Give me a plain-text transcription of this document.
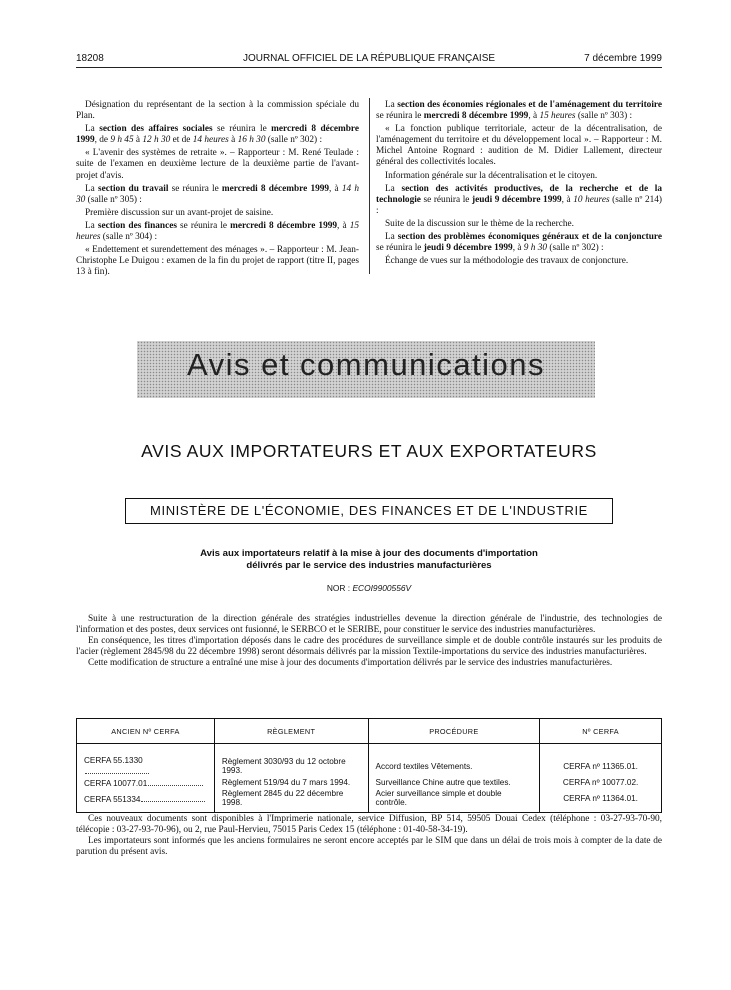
18208	JOURNAL OFFICIEL DE LA RÉPUBLIQUE FRANÇAISE	7 décembre 1999

Désignation du représentant de la section à la commission spéciale du Plan.

La section des affaires sociales se réunira le mercredi 8 décembre 1999, de 9 h 45 à 12 h 30 et de 14 heures à 16 h 30 (salle nº 302) :

« L'avenir des systèmes de retraite ». – Rapporteur : M. René Teulade : suite de l'examen en deuxième lecture de la deuxième partie de l'avant-projet d'avis.

La section du travail se réunira le mercredi 8 décembre 1999, à 14 h 30 (salle nº 305) :

Première discussion sur un avant-projet de saisine.

La section des finances se réunira le mercredi 8 décembre 1999, à 15 heures (salle nº 304) :

« Endettement et surendettement des ménages ». – Rapporteur : M. Jean-Christophe Le Duigou : examen de la fin du projet de rapport (titre II, pages 13 à fin).

La section des économies régionales et de l'aménagement du territoire se réunira le mercredi 8 décembre 1999, à 15 heures (salle nº 303) :

« La fonction publique territoriale, acteur de la décentralisation, de l'aménagement du territoire et du développement local ». – Rapporteur : M. Michel Antoine Rognard : audition de M. Didier Lallement, directeur général des collectivités locales.

Information générale sur la décentralisation et le citoyen.

La section des activités productives, de la recherche et de la technologie se réunira le jeudi 9 décembre 1999, à 10 heures (salle nº 214) :

Suite de la discussion sur le thème de la recherche.

La section des problèmes économiques généraux et de la conjoncture se réunira le jeudi 9 décembre 1999, à 9 h 30 (salle nº 302) :

Échange de vues sur la méthodologie des travaux de conjoncture.

Avis et communications
AVIS AUX IMPORTATEURS ET AUX EXPORTATEURS
MINISTÈRE DE L'ÉCONOMIE, DES FINANCES ET DE L'INDUSTRIE
Avis aux importateurs relatif à la mise à jour des documents d'importation
délivrés par le service des industries manufacturières
NOR : ECOI9900556V

Suite à une restructuration de la direction générale des stratégies industrielles devenue la direction générale de l'industrie, des technologies de l'information et des postes, deux services ont fusionné, le SERBCO et le SERIBE, pour constituer le service des industries manufacturières.

En conséquence, les titres d'importation déposés dans le cadre des procédures de surveillance simple et de double contrôle instaurés sur les produits de l'acier (règlement 2845/98 du 22 décembre 1998) seront désormais délivrés par la mission Textile-importations du service des industries manufacturières.

Cette modification de structure a entraîné une mise à jour des documents d'importation délivrés par le service des industries manufacturières.

ANCIEN Nº CERFA	RÈGLEMENT	PROCÉDURE	Nº CERFA

CERFA 55.1330	Règlement 3030/93 du 12 octobre 1993.	Accord textiles Vêtements.	CERFA nº 11365.01.
CERFA 10077.01	Règlement 519/94 du 7 mars 1994.	Surveillance Chine autre que textiles.	CERFA nº 10077.02.
CERFA 551334	Règlement 2845 du 22 décembre 1998.	Acier surveillance simple et double contrôle.	CERFA nº 11364.01.

Ces nouveaux documents sont disponibles à l'Imprimerie nationale, service Diffusion, BP 514, 59505 Douai Cedex (téléphone : 03-27-93-70-90, télécopie : 03-27-93-70-96), ou 2, rue Paul-Hervieu, 75015 Paris Cedex 15 (téléphone : 01-40-58-34-19).

Les importateurs sont informés que les anciens formulaires ne seront encore acceptés par le SIM que dans un délai de trois mois à compter de la date de parution du présent avis.
